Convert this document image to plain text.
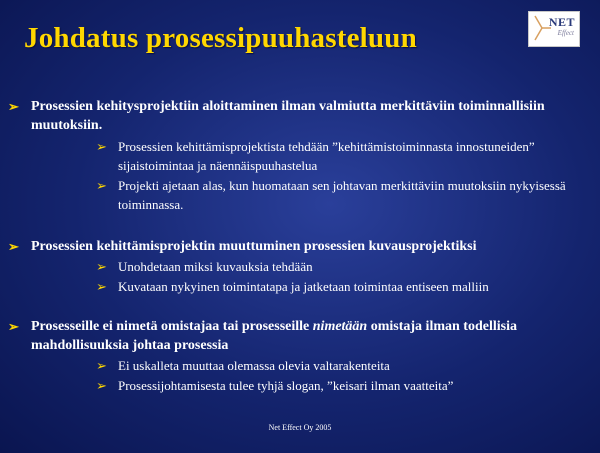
Johdatus prosessipuuhasteluun	NET
Effect
➢ Prosessien kehitysprojektiin aloittaminen ilman valmiutta merkittäviin toiminnallisiin muutoksiin.
➢ Prosessien kehittämisprojektista tehdään ”kehittämistoiminnasta innostuneiden” sijaistoimintaa ja näennäispuuhastelua
➢ Projekti ajetaan alas, kun huomataan sen johtavan merkittäviin muutoksiin nykyisessä toiminnassa.
➢ Prosessien kehittämisprojektin muuttuminen prosessien kuvausprojektiksi
➢ Unohdetaan miksi kuvauksia tehdään
➢ Kuvataan nykyinen toimintatapa ja jatketaan toimintaa entiseen malliin
➢ Prosesseille ei nimetä omistajaa tai prosesseille nimetään omistaja ilman todellisia mahdollisuuksia johtaa prosessia
➢ Ei uskalleta muuttaa olemassa olevia valtarakenteita
➢ Prosessijohtamisesta tulee tyhjä slogan, ”keisari ilman vaatteita”
Net Effect Oy 2005
